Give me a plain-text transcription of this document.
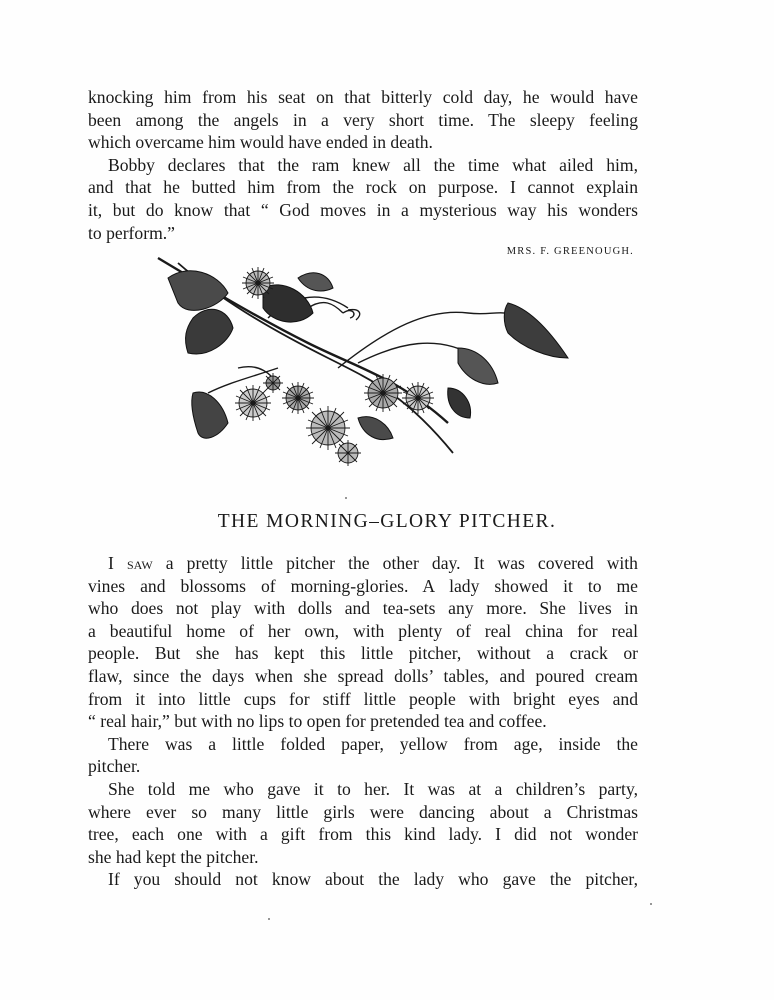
knocking him from his seat on that bitterly cold day, he would have

been among the angels in a very short time. The sleepy feeling

which overcame him would have ended in death.

Bobby declares that the ram knew all the time what ailed him,

and that he butted him from the rock on purpose. I cannot explain

it, but do know that “ God moves in a mysterious way his wonders

to perform.”

MRS. F. GREENOUGH.
THE MORNING–GLORY PITCHER.

I saw a pretty little pitcher the other day. It was covered with

vines and blossoms of morning-glories. A lady showed it to me

who does not play with dolls and tea-sets any more. She lives in

a beautiful home of her own, with plenty of real china for real

people. But she has kept this little pitcher, without a crack or

flaw, since the days when she spread dolls’ tables, and poured cream

from it into little cups for stiff little people with bright eyes and

“ real hair,” but with no lips to open for pretended tea and coffee.

There was a little folded paper, yellow from age, inside the

pitcher.

She told me who gave it to her. It was at a children’s party,

where ever so many little girls were dancing about a Christmas

tree, each one with a gift from this kind lady. I did not wonder

she had kept the pitcher.

If you should not know about the lady who gave the pitcher,
